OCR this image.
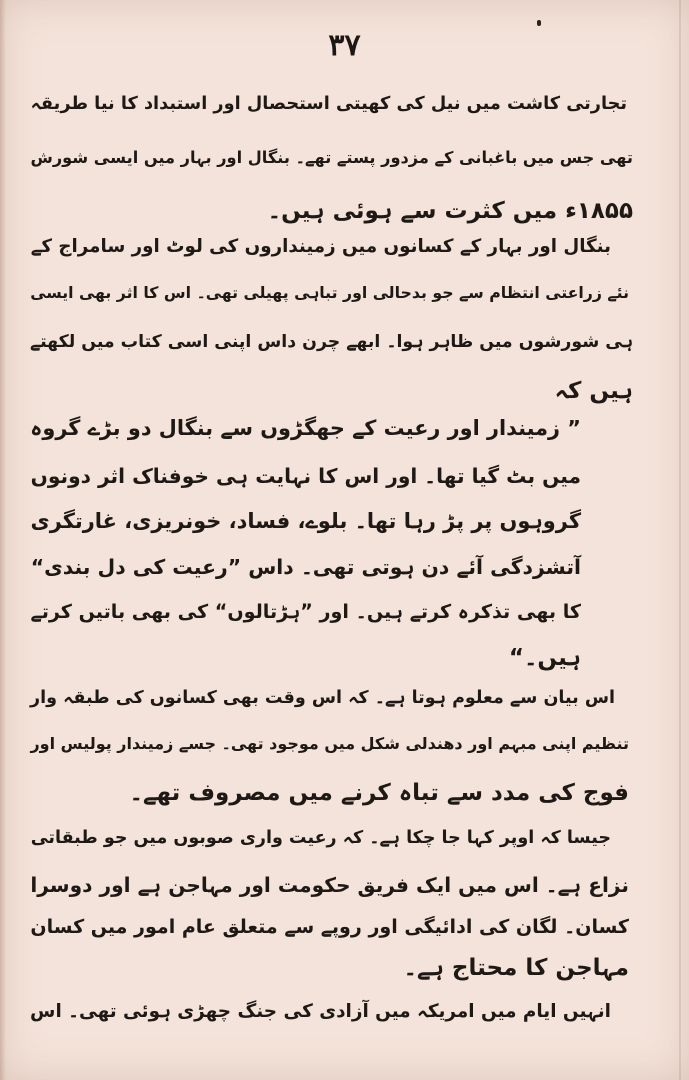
٣٧
تجارتی کاشت میں نیل کی کھیتی استحصال اور استبداد کا نیا طریقہ
تھی جس میں باغبانی کے مزدور پستے تھے۔ بنگال اور بہار میں ایسی شورش
۱۸۵۵ء میں کثرت سے ہوئی ہیں۔
بنگال اور بہار کے کسانوں میں زمینداروں کی لوٹ اور سامراج کے
نئے زراعتی انتظام سے جو بدحالی اور تباہی پھیلی تھی۔ اس کا اثر بھی ایسی
ہی شورشوں میں ظاہر ہوا۔ ابھے چرن داس اپنی اسی کتاب میں لکھتے
ہیں کہ
” زمیندار اور رعیت کے جھگڑوں سے بنگال دو بڑے گروہ
میں بٹ گیا تھا۔ اور اس کا نہایت ہی خوفناک اثر دونوں
گروہوں پر پڑ رہا تھا۔ بلوے، فساد، خونریزی، غارتگری
آتشزدگی آئے دن ہوتی تھی۔ داس ”رعیت کی دل بندی“
کا بھی تذکرہ کرتے ہیں۔ اور ”ہڑتالوں“ کی بھی باتیں کرتے
ہیں۔“
اس بیان سے معلوم ہوتا ہے۔ کہ اس وقت بھی کسانوں کی طبقہ وار
تنظیم اپنی مبہم اور دھندلی شکل میں موجود تھی۔ جسے زمیندار پولیس اور
فوج کی مدد سے تباہ کرنے میں مصروف تھے۔
جیسا کہ اوپر کہا جا چکا ہے۔ کہ رعیت واری صوبوں میں جو طبقاتی
نزاع ہے۔ اس میں ایک فریق حکومت اور مہاجن ہے اور دوسرا
کسان۔ لگان کی ادائیگی اور روپے سے متعلق عام امور میں کسان
مہاجن کا محتاج ہے۔
انہیں ایام میں امریکہ میں آزادی کی جنگ چھڑی ہوئی تھی۔ اس
